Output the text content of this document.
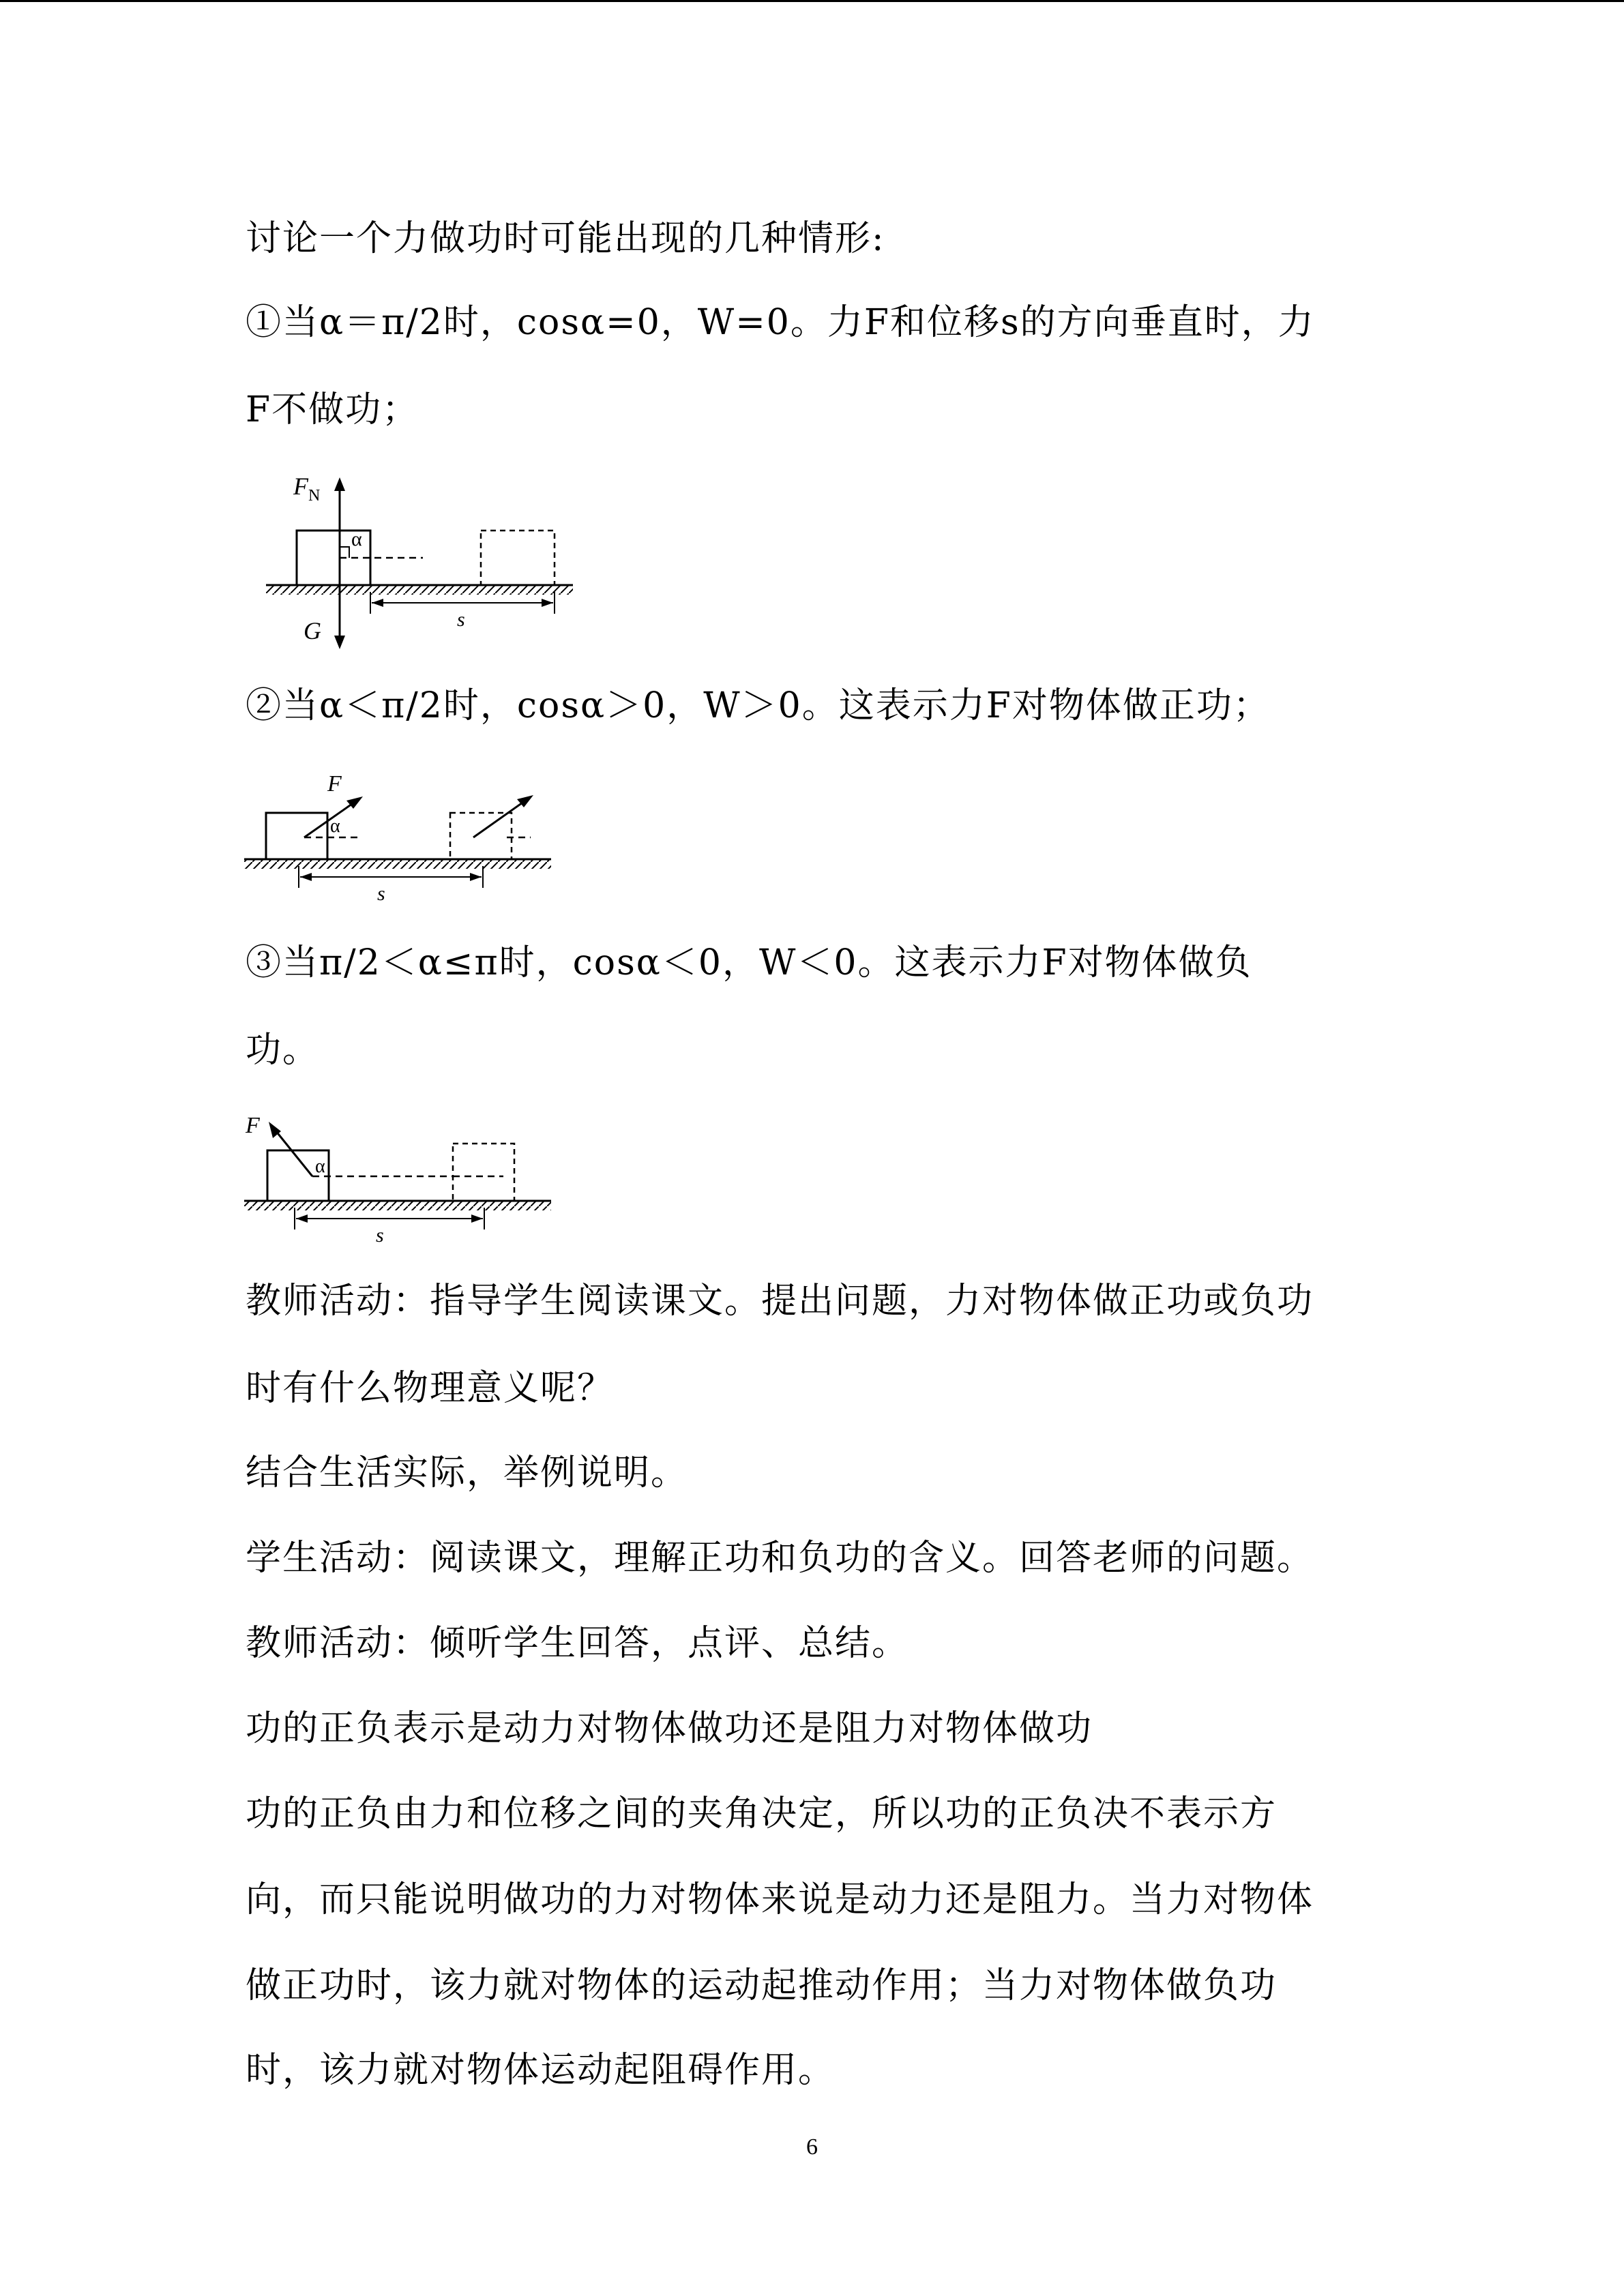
讨论一个力做功时可能出现的几种情形:
①当α＝π/2时，cosα=0，W=0。力F和位移s的方向垂直时，力
F不做功；
α
F N
G	s
②当α＜π/2时，cosα＞0，W＞0。这表示力F对物体做正功；
F
α
s
③当π/2＜α≤π时，cosα＜0，W＜0。这表示力F对物体做负
功。
F
α
s
教师活动：指导学生阅读课文。提出问题，力对物体做正功或负功
时有什么物理意义呢？
结合生活实际，举例说明。
学生活动：阅读课文，理解正功和负功的含义。回答老师的问题。
教师活动：倾听学生回答，点评、总结。
功的正负表示是动力对物体做功还是阻力对物体做功
功的正负由力和位移之间的夹角决定，所以功的正负决不表示方
向，而只能说明做功的力对物体来说是动力还是阻力。当力对物体
做正功时，该力就对物体的运动起推动作用；当力对物体做负功
时，该力就对物体运动起阻碍作用。
6
